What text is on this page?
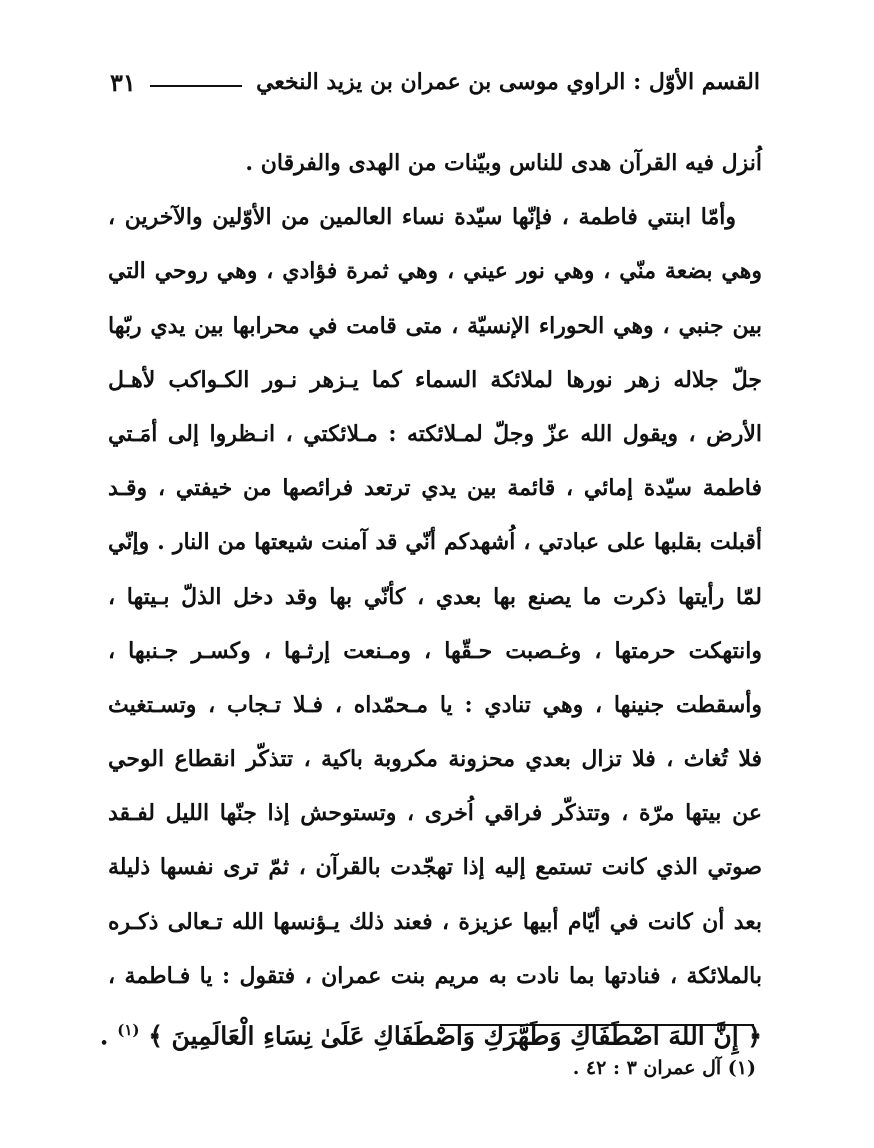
القسم الأوّل : الراوي موسى بن عمران بن يزيد النخعي
٣١
اُنزل فيه القرآن هدى للناس وبيّنات من الهدى والفرقان .
وأمّا ابنتي فاطمة ، فإنّها سيّدة نساء العالمين من الأوّلين والآخرين ،
وهي بضعة منّي ، وهي نور عيني ، وهي ثمرة فؤادي ، وهي روحي التي
بين جنبي ، وهي الحوراء الإنسيّة ، متى قامت في محرابها بين يدي ربّها
جلّ جلاله زهر نورها لملائكة السماء كما يـزهر نـور الكـواكب لأهـل
الأرض ، ويقول الله عزّ وجلّ لمـلائكته : مـلائكتي ، انـظروا إلى أمَـتي
فاطمة سيّدة إمائي ، قائمة بين يدي ترتعد فرائصها من خيفتي ، وقـد
أقبلت بقلبها على عبادتي ، اُشهدكم أنّي قد آمنت شيعتها من النار . وإنّي
لمّا رأيتها ذكرت ما يصنع بها بعدي ، كأنّي بها وقد دخل الذلّ بـيتها ،
وانتهكت حرمتها ، وغـصبت حـقّها ، ومـنعت إرثـها ، وكسـر جـنبها ،
وأسقطت جنينها ، وهي تنادي : يا مـحمّداه ، فـلا تـجاب ، وتسـتغيث
فلا تُغاث ، فلا تزال بعدي محزونة مكروبة باكية ، تتذكّر انقطاع الوحي
عن بيتها مرّة ، وتتذكّر فراقي اُخرى ، وتستوحش إذا جنّها الليل لفـقد
صوتي الذي كانت تستمع إليه إذا تهجّدت بالقرآن ، ثمّ ترى نفسها ذليلة
بعد أن كانت في أيّام أبيها عزيزة ، فعند ذلك يـؤنسها الله تـعالى ذكـره
بالملائكة ، فنادتها بما نادت به مريم بنت عمران ، فتقول : يا فـاطمة ،
﴿ إِنَّ اللهَ اصْطَفَاكِ وَطَهَّرَكِ وَاصْطَفَاكِ عَلَىٰ نِسَاءِ الْعَالَمِينَ ﴾ $^{(١)}$ .
(١) آل عمران ٣ : ٤٢ .
